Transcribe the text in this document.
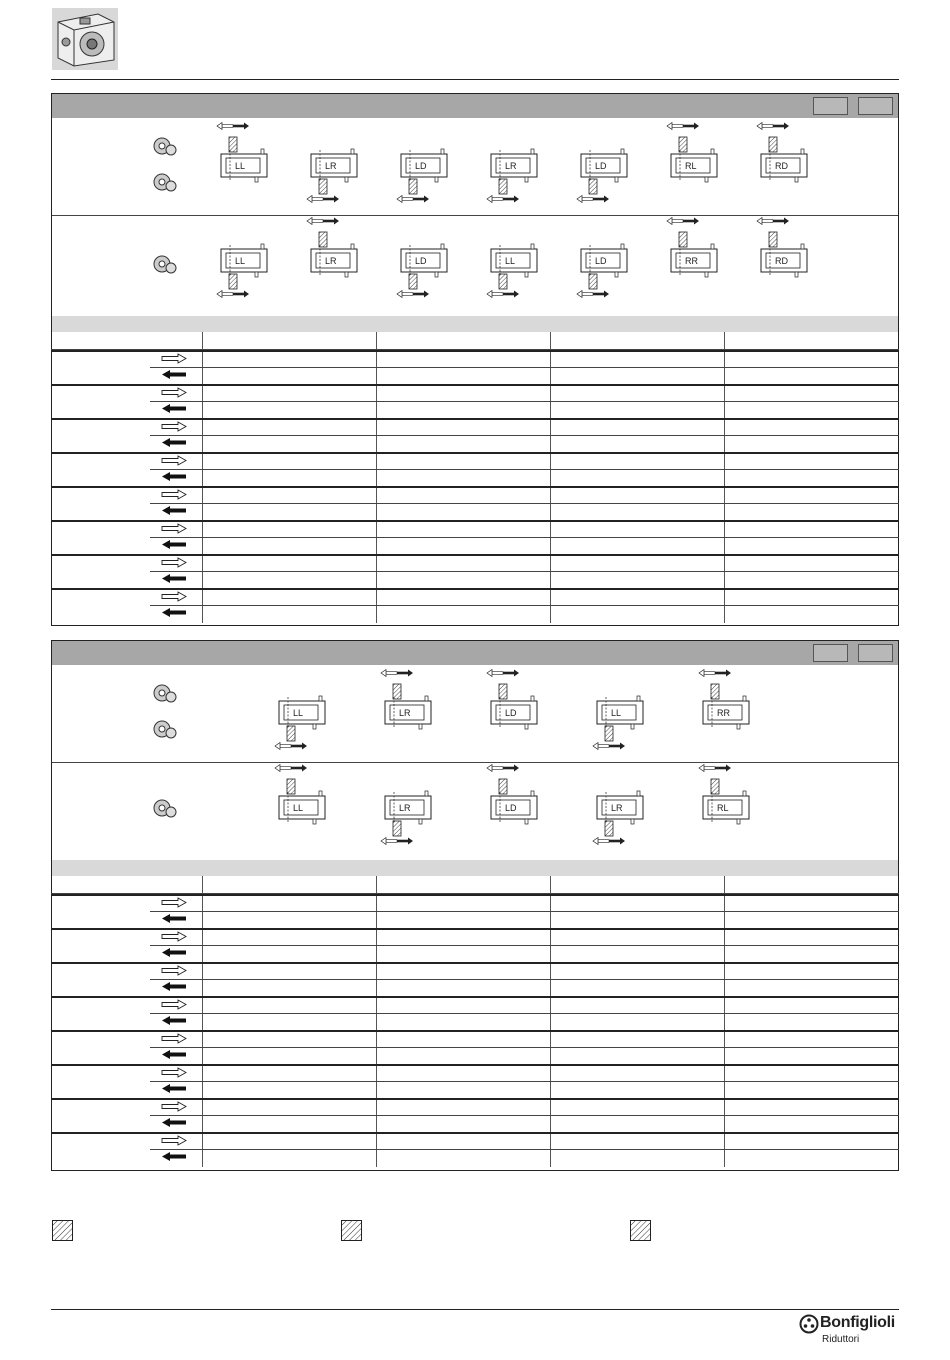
Bonfiglioli
Riduttori
LL	LR	LD	LR	LD	RL	RD
LL	LR	LD	LL	LD	RR	RD
LL	LR	LD	LL	RR
LL	LR	LD	LR	RL
